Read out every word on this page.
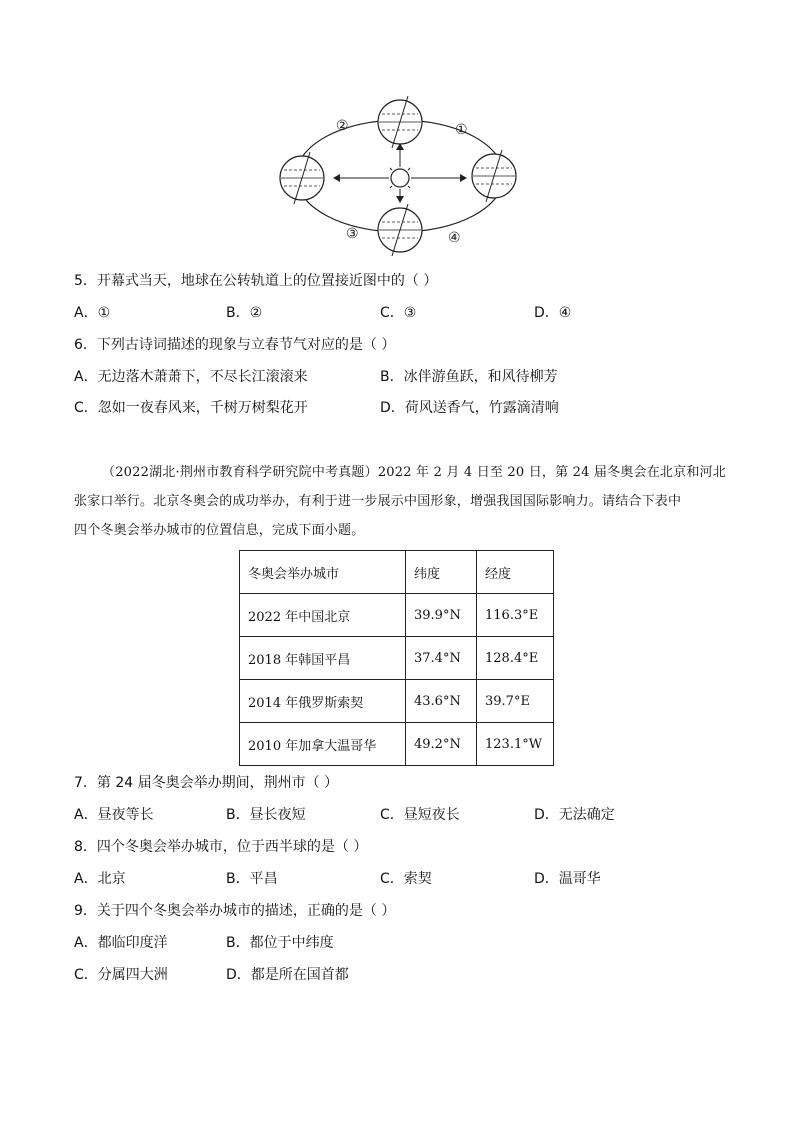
①
②
③	④
5．开幕式当天，地球在公转轨道上的位置接近图中的（ ）
A．①	B．②	C．③	D．④
6．下列古诗词描述的现象与立春节气对应的是（ ）
A．无边落木萧萧下，不尽长江滚滚来	B．冰伴游鱼跃，和风待柳芳
C．忽如一夜春风来，千树万树梨花开	D．荷风送香气，竹露滴清响
（2022湖北·荆州市教育科学研究院中考真题）2022 年 2 月 4 日至 20 日，第 24 届冬奥会在北京和河北
张家口举行。北京冬奥会的成功举办，有利于进一步展示中国形象，增强我国国际影响力。请结合下表中
四个冬奥会举办城市的位置信息，完成下面小题。
冬奥会举办城市	纬度	经度
2022 年中国北京	39.9°N	116.3°E
2018 年韩国平昌	37.4°N	128.4°E
2014 年俄罗斯索契	43.6°N	39.7°E
2010 年加拿大温哥华	49.2°N	123.1°W
7．第 24 届冬奥会举办期间，荆州市（ ）
A．昼夜等长	B．昼长夜短	C．昼短夜长	D．无法确定
8．四个冬奥会举办城市，位于西半球的是（ ）
A．北京	B．平昌	C．索契	D．温哥华
9．关于四个冬奥会举办城市的描述，正确的是（ ）
A．都临印度洋	B．都位于中纬度
C．分属四大洲	D．都是所在国首都
